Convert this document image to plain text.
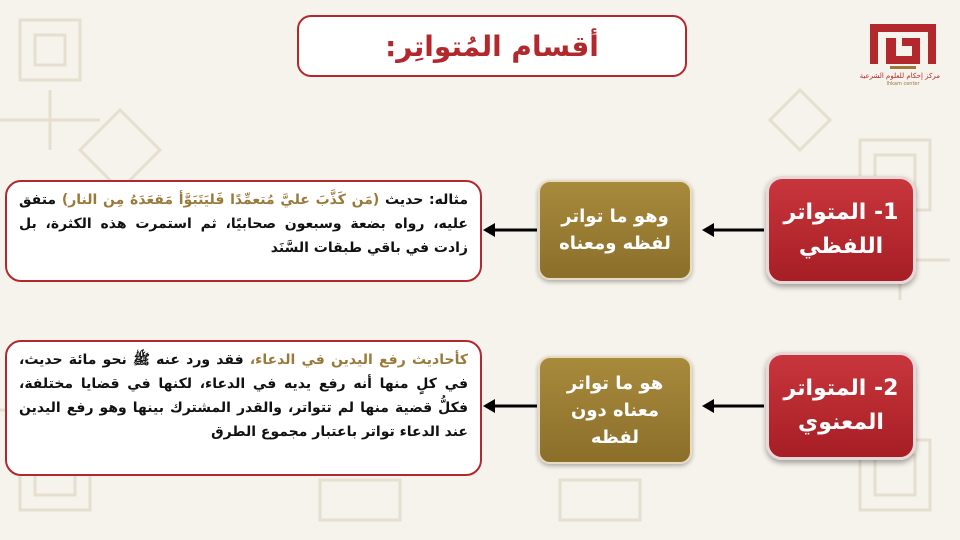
أقسام المُتواتِر:
مركز إحكام للعلوم الشرعية
Ihkam center
1- المتواتر اللفظي
وهو ما تواتر لفظه ومعناه
مثاله: حديث (مَن كَذَّبَ عليَّ مُتعمِّدًا فَليَتَبَوَّأ مَقعَدَهُ مِن النار) متفق عليه، رواه بضعة وسبعون صحابيًا، ثم استمرت هذه الكثرة، بل زادت في باقي طبقات السَّنَد
2- المتواتر المعنوي
هو ما تواتر معناه دون لفظه
كأحاديث رفع اليدين في الدعاء، فقد ورد عنه ﷺ نحو مائة حديث، في كلٍ منها أنه رفع يديه في الدعاء، لكنها في قضايا مختلفة، فكلُّ قضية منها لم تتواتر، والقدر المشترك بينها وهو رفع اليدين عند الدعاء تواتر باعتبار مجموع الطرق
